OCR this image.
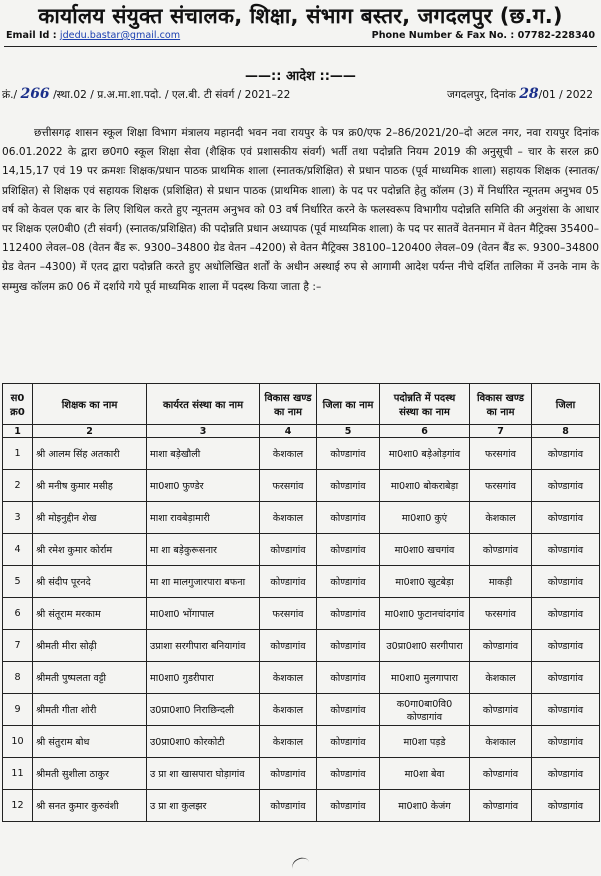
कार्यालय संयुक्त संचालक, शिक्षा, संभाग बस्तर, जगदलपुर (छ.ग.)
Email Id : jdedu.bastar@gmail.com	Phone Number & Fax No. : 07782-228340
——:: आदेश ::——
क्रं./ 266 /स्था.02 / प्र.अ.मा.शा.पदो. / एल.बी. टी संवर्ग / 2021–22	जगदलपुर, दिनांक 28/01 / 2022

छत्तीसगढ़ शासन स्कूल शिक्षा विभाग मंत्रालय महानदी भवन नवा रायपुर के पत्र क्र0/एफ 2–86/2021/20–दो अटल नगर, नवा रायपुर दिनांक 06.01.2022 के द्वारा छ0ग0 स्कूल शिक्षा सेवा (शैक्षिक एवं प्रशासकीय संवर्ग) भर्ती तथा पदोन्नति नियम 2019 की अनुसूची – चार के सरल क्र0 14,15,17 एवं 19 पर क्रमशः शिक्षक/प्रधान पाठक प्राथमिक शाला (स्नातक/प्रशिक्षित) से प्रधान पाठक (पूर्व माध्यमिक शाला) सहायक शिक्षक (स्नातक/प्रशिक्षित) से शिक्षक एवं सहायक शिक्षक (प्रशिक्षित) से प्रधान पाठक (प्राथमिक शाला) के पद पर पदोन्नति हेतु कॉलम (3) में निर्धारित न्यूनतम अनुभव 05 वर्ष को केवल एक बार के लिए शिथिल करते हुए न्यूनतम अनुभव को 03 वर्ष निर्धारित करने के फलस्वरूप विभागीय पदोन्नति समिति की अनुशंसा के आधार पर शिक्षक एल0बी0 (टी संवर्ग) (स्नातक/प्रशिक्षित) की पदोन्नति प्रधान अध्यापक (पूर्व माध्यमिक शाला) के पद पर सातवें वेतनमान में वेतन मैट्रिक्स 35400–112400 लेवल–08 (वेतन बैंड रू. 9300–34800 ग्रेड वेतन –4200) से वेतन मैट्रिक्स 38100–120400 लेवल–09 (वेतन बैंड रू. 9300–34800 ग्रेड वेतन –4300) में एतद द्वारा पदोन्नति करते हुए अधोलिखित शर्तों के अधीन अस्थाई रुप से आगामी आदेश पर्यन्त नीचे दर्शित तालिका में उनके नाम के सम्मुख कॉलम क्र0 06 में दर्शाये गये पूर्व माध्यमिक शाला में पदस्थ किया जाता है :–

स0 क्र0	शिक्षक का नाम	कार्यरत संस्था का नाम	विकास खण्ड का नाम	जिला का नाम	पदोन्नति में पदस्थ संस्था का नाम	विकास खण्ड का नाम	जिला
1	2	3	4	5	6	7	8
1	श्री आलम सिंह अतकारी	माशा बड़ेखौली	केशकाल	कोण्डागांव	मा0शा0 बड़ेओड़गांव	फरसगांव	कोण्डागांव
2	श्री मनीष कुमार मसीह	मा0शा0 फुण्डेर	फरसगांव	कोण्डागांव	मा0शा0 बोकराबेड़ा	फरसगांव	कोण्डागांव
3	श्री मोइनुद्दीन शेख	माशा रावबेड़ामारी	केशकाल	कोण्डागांव	मा0शा0 कुएं	केशकाल	कोण्डागांव
4	श्री रमेश कुमार कोर्राम	मा शा बड़ेकुरूसनार	कोण्डागांव	कोण्डागांव	मा0शा0 खचगांव	कोण्डागांव	कोण्डागांव
5	श्री संदीप पूरनदे	मा शा मालगुजारपारा बफना	कोण्डागांव	कोण्डागांव	मा0शा0 खुटबेड़ा	माकड़ी	कोण्डागांव
6	श्री संतूराम मरकाम	मा0शा0 भोंगापाल	फरसगांव	कोण्डागांव	मा0शा0 फुटानचांदगांव	फरसगांव	कोण्डागांव
7	श्रीमती मीरा सोढ़ी	उप्राशा सरगीपारा बनियागांव	कोण्डागांव	कोण्डागांव	उ0प्रा0शा0 सरगीपारा	कोण्डागांव	कोण्डागांव
8	श्रीमती पुष्पलता वट्टी	मा0शा0 गुडरीपारा	केशकाल	कोण्डागांव	मा0शा0 मुलगापारा	केशकाल	कोण्डागांव
9	श्रीमती गीता शोरी	उ0प्रा0शा0 निराछिन्दली	केशकाल	कोण्डागांव	क0गा0बा0वि0 कोण्डागांव	कोण्डागांव	कोण्डागांव
10	श्री संतुराम बोध	उ0प्रा0शा0 कोरकोटी	केशकाल	कोण्डागांव	मा0शा पड़डे	केशकाल	कोण्डागांव
11	श्रीमती सुशीला ठाकुर	उ प्रा शा खासपारा घोड़ागांव	कोण्डागांव	कोण्डागांव	मा0शा बेवा	कोण्डागांव	कोण्डागांव
12	श्री सनत कुमार कुरुवंशी	उ प्रा शा कुलझर	कोण्डागांव	कोण्डागांव	मा0शा0 केजंग	कोण्डागांव	कोण्डागांव
